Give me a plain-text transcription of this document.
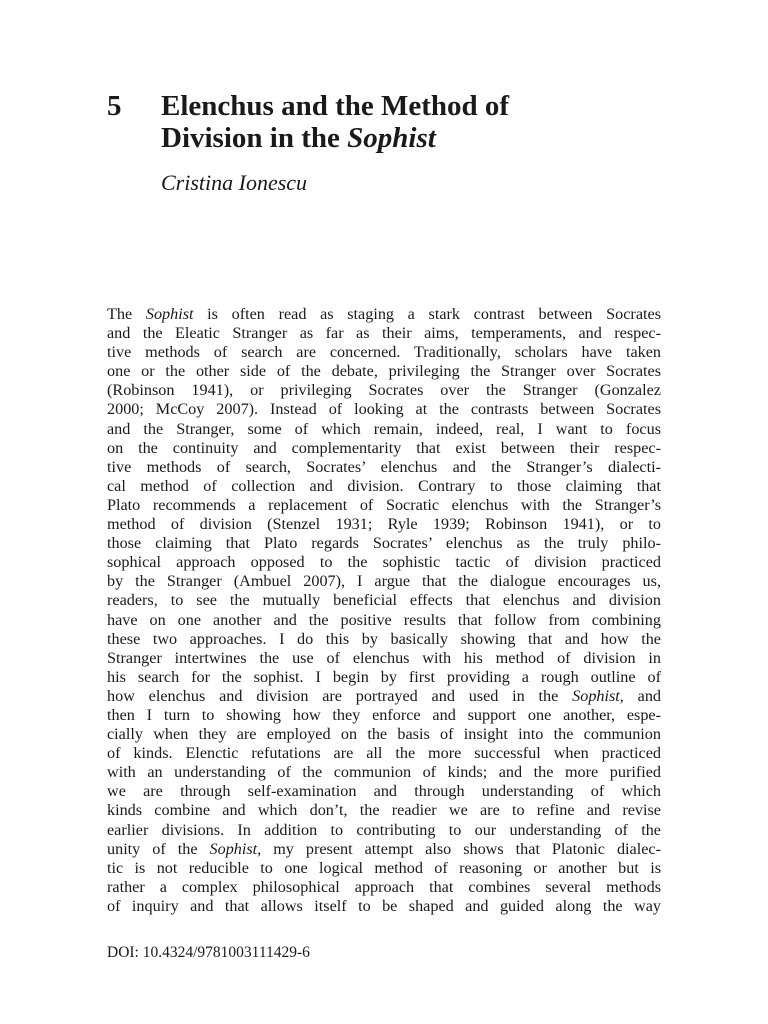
5 Elenchus and the Method of
Division in the Sophist
Cristina Ionescu
The Sophist is often read as staging a stark contrast between Socrates
and the Eleatic Stranger as far as their aims, temperaments, and respec-
tive methods of search are concerned. Traditionally, scholars have taken
one or the other side of the debate, privileging the Stranger over Socrates
(Robinson 1941), or privileging Socrates over the Stranger (Gonzalez
2000; McCoy 2007). Instead of looking at the contrasts between Socrates
and the Stranger, some of which remain, indeed, real, I want to focus
on the continuity and complementarity that exist between their respec-
tive methods of search, Socrates’ elenchus and the Stranger’s dialecti-
cal method of collection and division. Contrary to those claiming that
Plato recommends a replacement of Socratic elenchus with the Stranger’s
method of division (Stenzel 1931; Ryle 1939; Robinson 1941), or to
those claiming that Plato regards Socrates’ elenchus as the truly philo-
sophical approach opposed to the sophistic tactic of division practiced
by the Stranger (Ambuel 2007), I argue that the dialogue encourages us,
readers, to see the mutually beneficial effects that elenchus and division
have on one another and the positive results that follow from combining
these two approaches. I do this by basically showing that and how the
Stranger intertwines the use of elenchus with his method of division in
his search for the sophist. I begin by first providing a rough outline of
how elenchus and division are portrayed and used in the Sophist, and
then I turn to showing how they enforce and support one another, espe-
cially when they are employed on the basis of insight into the communion
of kinds. Elenctic refutations are all the more successful when practiced
with an understanding of the communion of kinds; and the more purified
we are through self-examination and through understanding of which
kinds combine and which don’t, the readier we are to refine and revise
earlier divisions. In addition to contributing to our understanding of the
unity of the Sophist, my present attempt also shows that Platonic dialec-
tic is not reducible to one logical method of reasoning or another but is
rather a complex philosophical approach that combines several methods
of inquiry and that allows itself to be shaped and guided along the way
DOI: 10.4324/9781003111429-6
